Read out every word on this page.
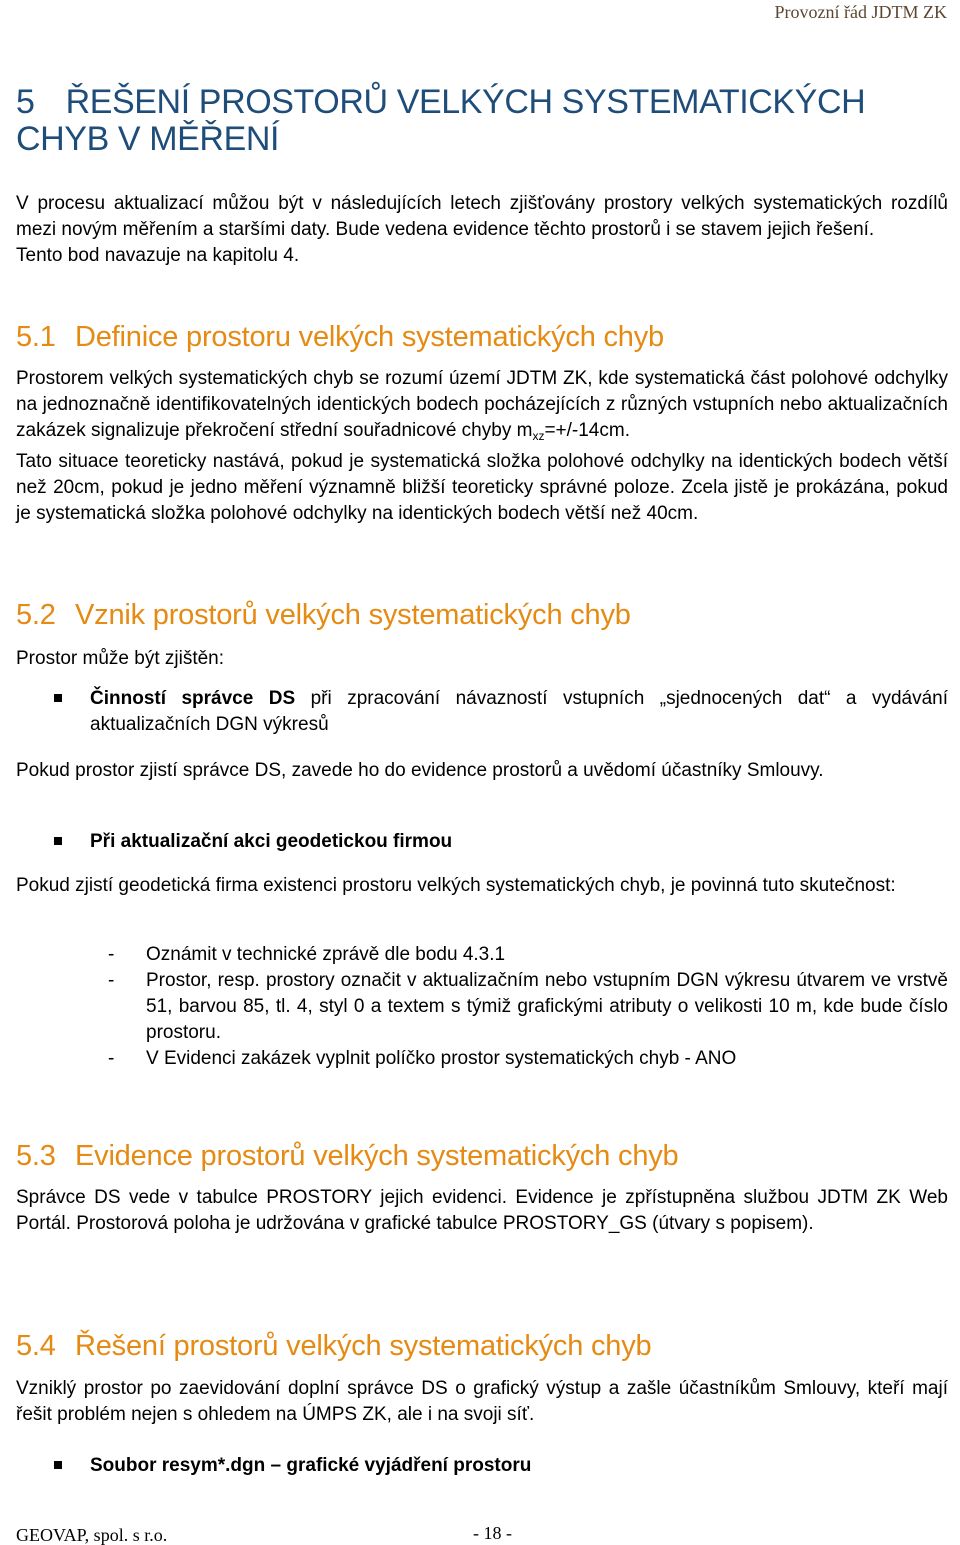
Provozní řád JDTM ZK
5 ŘEŠENÍ PROSTORŮ VELKÝCH SYSTEMATICKÝCH
CHYB V MĚŘENÍ

V procesu aktualizací můžou být v následujících letech zjišťovány prostory velkých systematických rozdílů mezi novým měřením a staršími daty. Bude vedena evidence těchto prostorů i se stavem jejich řešení.

Tento bod navazuje na kapitolu 4.

5.1 Definice prostoru velkých systematických chyb

Prostorem velkých systematických chyb se rozumí území JDTM ZK, kde systematická část polohové odchylky na jednoznačně identifikovatelných identických bodech pocházejících z různých vstupních nebo aktualizačních zakázek signalizuje překročení střední souřadnicové chyby $m_{xz}=+/-14cm$.

Tato situace teoreticky nastává, pokud je systematická složka polohové odchylky na identických bodech větší než 20cm, pokud je jedno měření významně bližší teoreticky správné poloze. Zcela jistě je prokázána, pokud je systematická složka polohové odchylky na identických bodech větší než 40cm.

5.2 Vznik prostorů velkých systematických chyb

Prostor může být zjištěn:

Činností správce DS při zpracování návazností vstupních „sjednocených dat“ a vydávání aktualizačních DGN výkresů

Pokud prostor zjistí správce DS, zavede ho do evidence prostorů a uvědomí účastníky Smlouvy.

Při aktualizační akci geodetickou firmou

Pokud zjistí geodetická firma existenci prostoru velkých systematických chyb, je povinná tuto skutečnost:

-	Oznámit v technické zprávě dle bodu 4.3.1
-	Prostor, resp. prostory označit v aktualizačním nebo vstupním DGN výkresu útvarem ve vrstvě 51, barvou 85, tl. 4, styl 0 a textem s týmiž grafickými atributy o velikosti 10 m, kde bude číslo prostoru.
-	V Evidenci zakázek vyplnit políčko prostor systematických chyb - ANO
5.3 Evidence prostorů velkých systematických chyb

Správce DS vede v tabulce PROSTORY jejich evidenci. Evidence je zpřístupněna službou JDTM ZK Web Portál. Prostorová poloha je udržována v grafické tabulce PROSTORY_GS (útvary s popisem).

5.4 Řešení prostorů velkých systematických chyb

Vzniklý prostor po zaevidování doplní správce DS o grafický výstup a zašle účastníkům Smlouvy, kteří mají řešit problém nejen s ohledem na ÚMPS ZK, ale i na svoji síť.

Soubor resym*.dgn – grafické vyjádření prostoru
GEOVAP, spol. s r.o.	- 18 -
